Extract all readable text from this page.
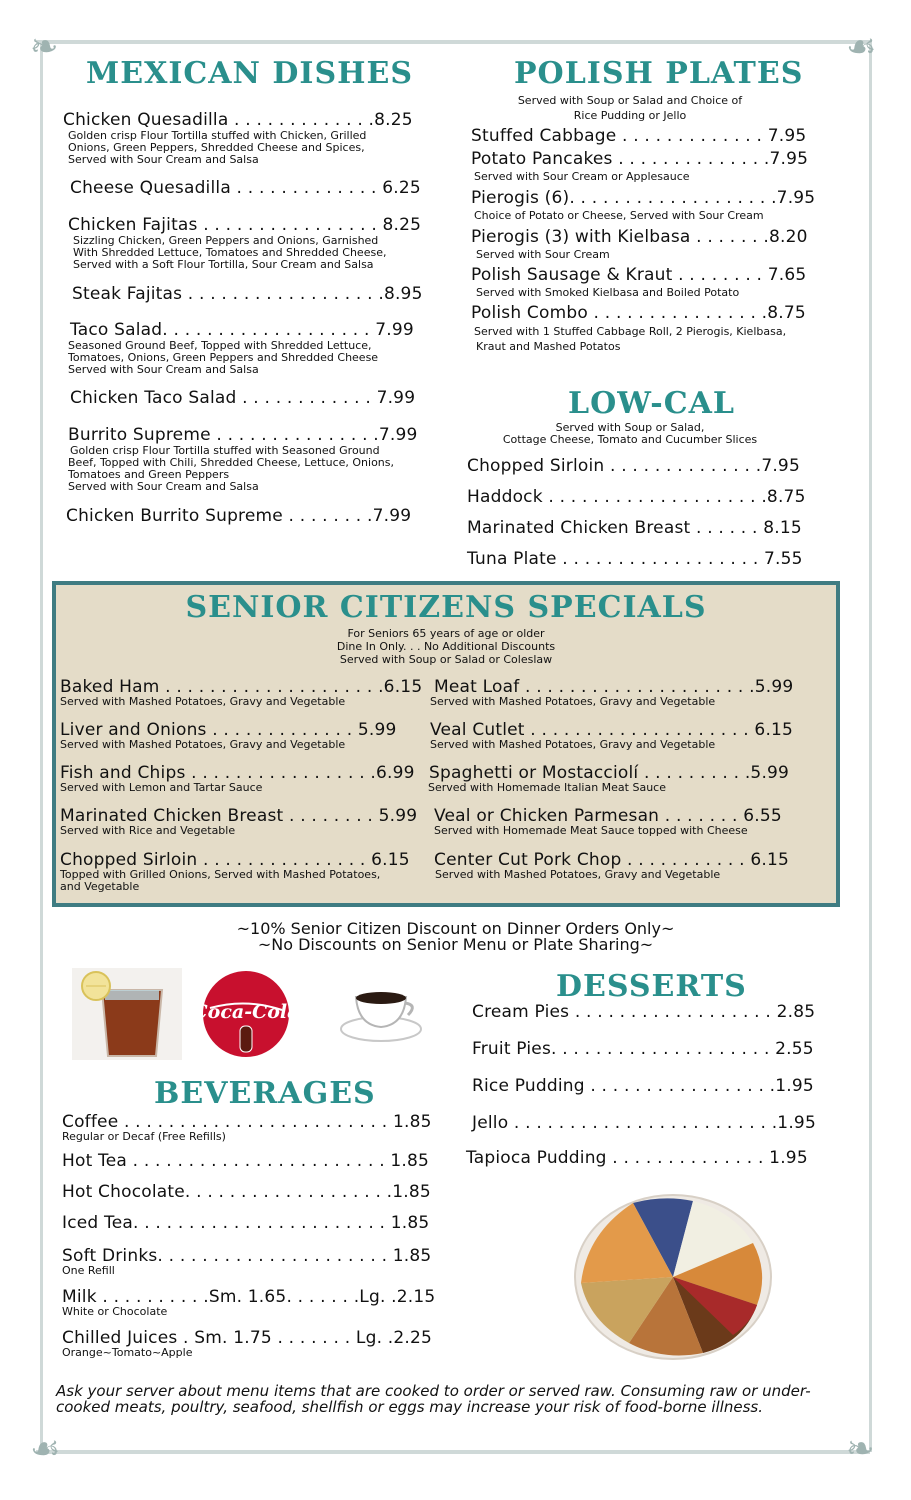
❧	☙
☙	❧
MEXICAN DISHES
Chicken Quesadilla . . . . . . . . . . . . .8.25
Golden crisp Flour Tortilla stuffed with Chicken, Grilled
Onions, Green Peppers, Shredded Cheese and Spices,
Served with Sour Cream and Salsa
Cheese Quesadilla . . . . . . . . . . . . . 6.25
Chicken Fajitas . . . . . . . . . . . . . . . . 8.25
Sizzling Chicken, Green Peppers and Onions, Garnished
With Shredded Lettuce, Tomatoes and Shredded Cheese,
Served with a Soft Flour Tortilla, Sour Cream and Salsa
Steak Fajitas . . . . . . . . . . . . . . . . . .8.95
Taco Salad. . . . . . . . . . . . . . . . . . . 7.99
Seasoned Ground Beef, Topped with Shredded Lettuce,
Tomatoes, Onions, Green Peppers and Shredded Cheese
Served with Sour Cream and Salsa
Chicken Taco Salad . . . . . . . . . . . . 7.99
Burrito Supreme . . . . . . . . . . . . . . .7.99
Golden crisp Flour Tortilla stuffed with Seasoned Ground
Beef, Topped with Chili, Shredded Cheese, Lettuce, Onions,
Tomatoes and Green Peppers
Served with Sour Cream and Salsa
Chicken Burrito Supreme . . . . . . . .7.99
POLISH PLATES
Served with Soup or Salad and Choice of
Rice Pudding or Jello
Stuffed Cabbage . . . . . . . . . . . . . 7.95
Potato Pancakes . . . . . . . . . . . . . .7.95
Served with Sour Cream or Applesauce
Pierogis (6). . . . . . . . . . . . . . . . . . .7.95
Choice of Potato or Cheese, Served with Sour Cream
Pierogis (3) with Kielbasa . . . . . . .8.20
Served with Sour Cream
Polish Sausage & Kraut . . . . . . . . 7.65
Served with Smoked Kielbasa and Boiled Potato
Polish Combo . . . . . . . . . . . . . . . .8.75
Served with 1 Stuffed Cabbage Roll, 2 Pierogis, Kielbasa,
Kraut and Mashed Potatos
LOW-CAL
Served with Soup or Salad,
Cottage Cheese, Tomato and Cucumber Slices
Chopped Sirloin . . . . . . . . . . . . . .7.95
Haddock . . . . . . . . . . . . . . . . . . . .8.75
Marinated Chicken Breast . . . . . . 8.15
Tuna Plate . . . . . . . . . . . . . . . . . . 7.55
SENIOR CITIZENS SPECIALS
For Seniors 65 years of age or older
Dine In Only. . . No Additional Discounts
Served with Soup or Salad or Coleslaw
Baked Ham . . . . . . . . . . . . . . . . . . . .6.15
Served with Mashed Potatoes, Gravy and Vegetable
Liver and Onions . . . . . . . . . . . . . 5.99
Served with Mashed Potatoes, Gravy and Vegetable
Fish and Chips . . . . . . . . . . . . . . . . .6.99
Served with Lemon and Tartar Sauce
Marinated Chicken Breast . . . . . . . . 5.99
Served with Rice and Vegetable
Chopped Sirloin . . . . . . . . . . . . . . . 6.15
Topped with Grilled Onions, Served with Mashed Potatoes,
and Vegetable
Meat Loaf . . . . . . . . . . . . . . . . . . . . .5.99
Served with Mashed Potatoes, Gravy and Vegetable
Veal Cutlet . . . . . . . . . . . . . . . . . . . . 6.15
Served with Mashed Potatoes, Gravy and Vegetable
Spaghetti or Mostacciolí . . . . . . . . . .5.99
Served with Homemade Italian Meat Sauce
Veal or Chicken Parmesan . . . . . . . 6.55
Served with Homemade Meat Sauce topped with Cheese
Center Cut Pork Chop . . . . . . . . . . . 6.15
Served with Mashed Potatoes, Gravy and Vegetable
~10% Senior Citizen Discount on Dinner Orders Only~
~No Discounts on Senior Menu or Plate Sharing~
Coca-Cola
BEVERAGES
Coffee . . . . . . . . . . . . . . . . . . . . . . . . 1.85
Regular or Decaf (Free Refills)
Hot Tea . . . . . . . . . . . . . . . . . . . . . . . 1.85
Hot Chocolate. . . . . . . . . . . . . . . . . . .1.85
Iced Tea. . . . . . . . . . . . . . . . . . . . . . . 1.85
Soft Drinks. . . . . . . . . . . . . . . . . . . . . 1.85
One Refill
Milk . . . . . . . . . .Sm. 1.65. . . . . . .Lg. .2.15
White or Chocolate
Chilled Juices . Sm. 1.75 . . . . . . . Lg. .2.25
Orange~Tomato~Apple
DESSERTS
Cream Pies . . . . . . . . . . . . . . . . . . 2.85
Fruit Pies. . . . . . . . . . . . . . . . . . . . 2.55
Rice Pudding . . . . . . . . . . . . . . . . .1.95
Jello . . . . . . . . . . . . . . . . . . . . . . . .1.95
Tapioca Pudding . . . . . . . . . . . . . . 1.95
Ask your server about menu items that are cooked to order or served raw. Consuming raw or under-
cooked meats, poultry, seafood, shellfish or eggs may increase your risk of food-borne illness.
